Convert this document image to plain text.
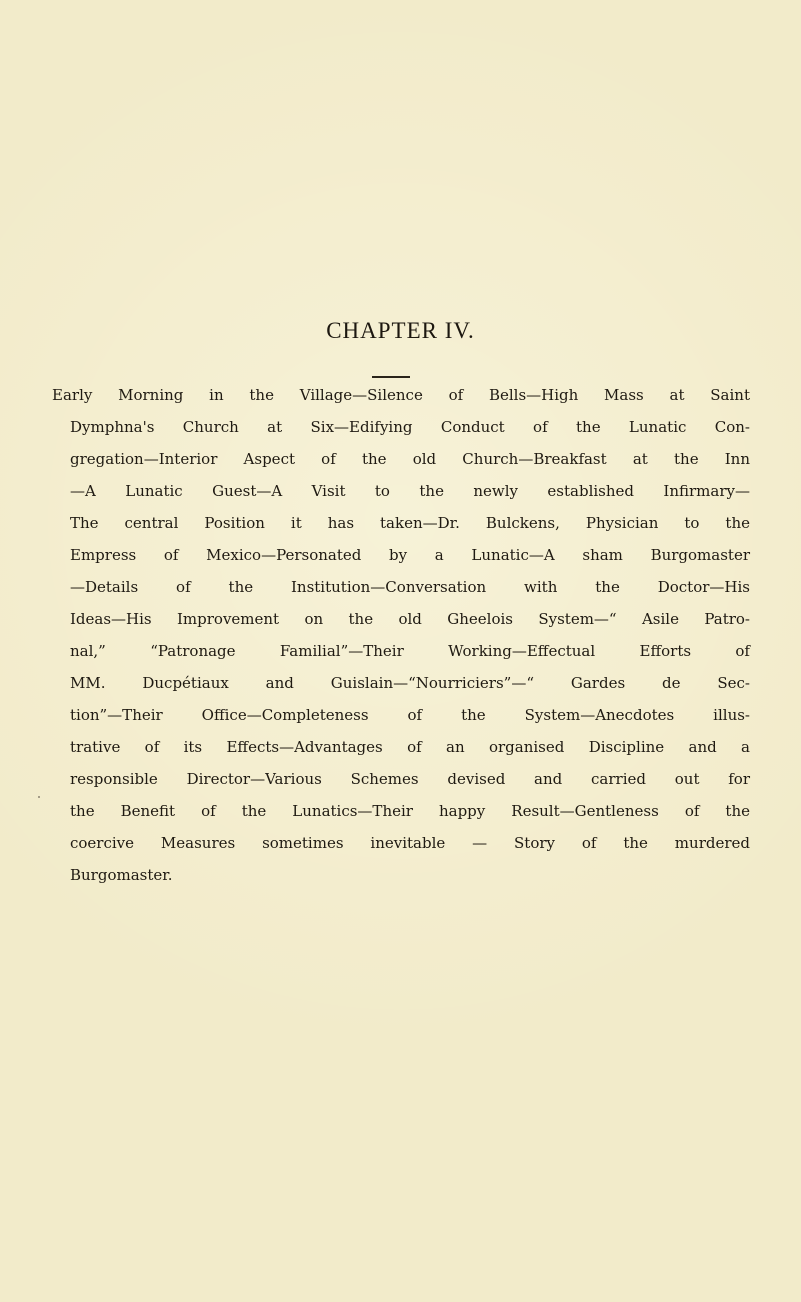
CHAPTER IV.
Early Morning in the Village—Silence of Bells—High Mass at Saint
Dymphna's Church at Six—Edifying Conduct of the Lunatic Con-
gregation—Interior Aspect of the old Church—Breakfast at the Inn
—A Lunatic Guest—A Visit to the newly established Infirmary—
The central Position it has taken—Dr. Bulckens, Physician to the
Empress of Mexico—Personated by a Lunatic—A sham Burgomaster
—Details of the Institution—Conversation with the Doctor—His
Ideas—His Improvement on the old Gheelois System—“ Asile Patro-
nal,” “Patronage Familial”—Their Working—Effectual Efforts of
MM. Ducpétiaux and Guislain—“Nourriciers”—“ Gardes de Sec-
tion”—Their Office—Completeness of the System—Anecdotes illus-
trative of its Effects—Advantages of an organised Discipline and a
responsible Director—Various Schemes devised and carried out for
the Benefit of the Lunatics—Their happy Result—Gentleness of the
coercive Measures sometimes inevitable — Story of the murdered
Burgomaster.
